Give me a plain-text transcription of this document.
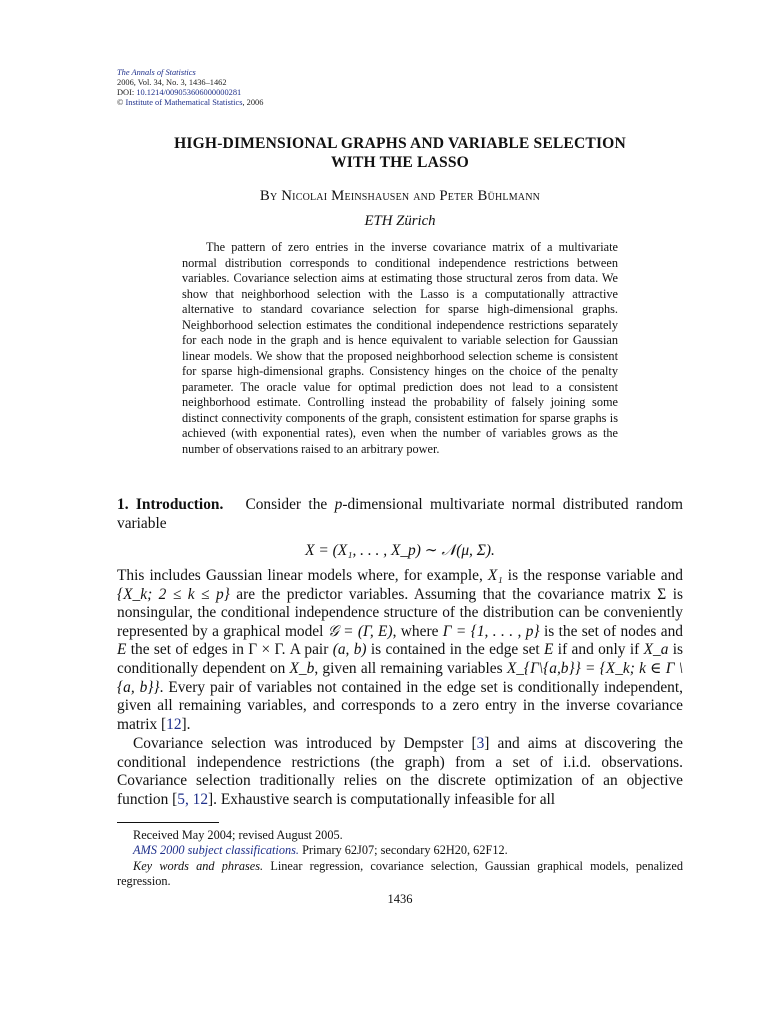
The Annals of Statistics
2006, Vol. 34, No. 3, 1436–1462
DOI: 10.1214/009053606000000281
© Institute of Mathematical Statistics, 2006
HIGH-DIMENSIONAL GRAPHS AND VARIABLE SELECTION
WITH THE LASSO
By Nicolai Meinshausen and Peter Bühlmann
ETH Zürich

The pattern of zero entries in the inverse covariance matrix of a multivariate normal distribution corresponds to conditional independence restrictions between variables. Covariance selection aims at estimating those structural zeros from data. We show that neighborhood selection with the Lasso is a computationally attractive alternative to standard covariance selection for sparse high-dimensional graphs. Neighborhood selection estimates the conditional independence restrictions separately for each node in the graph and is hence equivalent to variable selection for Gaussian linear models. We show that the proposed neighborhood selection scheme is consistent for sparse high-dimensional graphs. Consistency hinges on the choice of the penalty parameter. The oracle value for optimal prediction does not lead to a consistent neighborhood estimate. Controlling instead the probability of falsely joining some distinct connectivity components of the graph, consistent estimation for sparse graphs is achieved (with exponential rates), even when the number of variables grows as the number of observations raised to an arbitrary power.

1. Introduction. Consider the p-dimensional multivariate normal distributed random variable

X = (X₁, . . . , X_p) ∼ 𝒩(μ, Σ).

This includes Gaussian linear models where, for example, X₁ is the response variable and {X_k; 2 ≤ k ≤ p} are the predictor variables. Assuming that the covariance matrix Σ is nonsingular, the conditional independence structure of the distribution can be conveniently represented by a graphical model 𝒢 = (Γ, E), where Γ = {1, . . . , p} is the set of nodes and E the set of edges in Γ × Γ. A pair (a, b) is contained in the edge set E if and only if X_a is conditionally dependent on X_b, given all remaining variables X_{Γ\{a,b}} = {X_k; k ∈ Γ \ {a, b}}. Every pair of variables not contained in the edge set is conditionally independent, given all remaining variables, and corresponds to a zero entry in the inverse covariance matrix [12].

Covariance selection was introduced by Dempster [3] and aims at discovering the conditional independence restrictions (the graph) from a set of i.i.d. observations. Covariance selection traditionally relies on the discrete optimization of an objective function [5, 12]. Exhaustive search is computationally infeasible for all

Received May 2004; revised August 2005.

AMS 2000 subject classifications. Primary 62J07; secondary 62H20, 62F12.

Key words and phrases. Linear regression, covariance selection, Gaussian graphical models, penalized regression.

1436
